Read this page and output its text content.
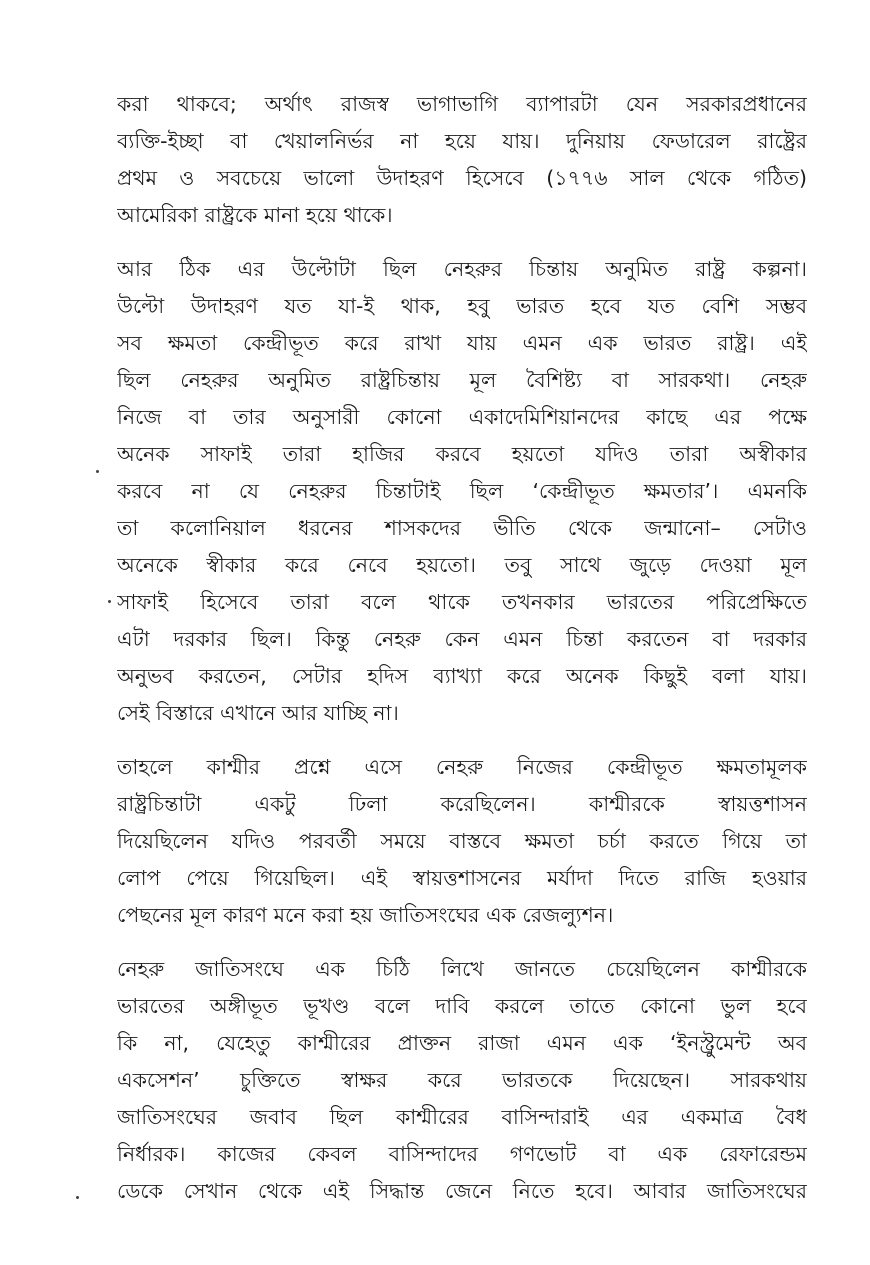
করা থাকবে; অর্থাৎ রাজস্ব ভাগাভাগি ব্যাপারটা যেন সরকারপ্রধানের
ব্যক্তি-ইচ্ছা বা খেয়ালনির্ভর না হয়ে যায়। দুনিয়ায় ফেডারেল রাষ্ট্রের
প্রথম ও সবচেয়ে ভালো উদাহরণ হিসেবে (১৭৭৬ সাল থেকে গঠিত)
আমেরিকা রাষ্ট্রকে মানা হয়ে থাকে।

আর ঠিক এর উল্টোটা ছিল নেহরুর চিন্তায় অনুমিত রাষ্ট্র কল্পনা।
উল্টো উদাহরণ যত যা-ই থাক, হবু ভারত হবে যত বেশি সম্ভব
সব ক্ষমতা কেন্দ্রীভূত করে রাখা যায় এমন এক ভারত রাষ্ট্র। এই
ছিল নেহরুর অনুমিত রাষ্ট্রচিন্তায় মূল বৈশিষ্ট্য বা সারকথা। নেহরু
নিজে বা তার অনুসারী কোনো একাদেমিশিয়ানদের কাছে এর পক্ষে
অনেক সাফাই তারা হাজির করবে হয়তো যদিও তারা অস্বীকার
করবে না যে নেহরুর চিন্তাটাই ছিল ‘কেন্দ্রীভূত ক্ষমতার’। এমনকি
তা কলোনিয়াল ধরনের শাসকদের ভীতি থেকে জন্মানো– সেটাও
অনেকে স্বীকার করে নেবে হয়তো। তবু সাথে জুড়ে দেওয়া মূল
সাফাই হিসেবে তারা বলে থাকে তখনকার ভারতের পরিপ্রেক্ষিতে
এটা দরকার ছিল। কিন্তু নেহরু কেন এমন চিন্তা করতেন বা দরকার
অনুভব করতেন, সেটার হদিস ব্যাখ্যা করে অনেক কিছুই বলা যায়।
সেই বিস্তারে এখানে আর যাচ্ছি না।

তাহলে কাশ্মীর প্রশ্নে এসে নেহরু নিজের কেন্দ্রীভূত ক্ষমতামূলক
রাষ্ট্রচিন্তাটা একটু ঢিলা করেছিলেন। কাশ্মীরকে স্বায়ত্তশাসন
দিয়েছিলেন যদিও পরবর্তী সময়ে বাস্তবে ক্ষমতা চর্চা করতে গিয়ে তা
লোপ পেয়ে গিয়েছিল। এই স্বায়ত্তশাসনের মর্যাদা দিতে রাজি হওয়ার
পেছনের মূল কারণ মনে করা হয় জাতিসংঘের এক রেজল্যুশন।

নেহরু জাতিসংঘে এক চিঠি লিখে জানতে চেয়েছিলেন কাশ্মীরকে
ভারতের অঙ্গীভূত ভূখণ্ড বলে দাবি করলে তাতে কোনো ভুল হবে
কি না, যেহেতু কাশ্মীরের প্রাক্তন রাজা এমন এক ‘ইনস্ট্রুমেন্ট অব
একসেশন’ চুক্তিতে স্বাক্ষর করে ভারতকে দিয়েছেন। সারকথায়
জাতিসংঘের জবাব ছিল কাশ্মীরের বাসিন্দারাই এর একমাত্র বৈধ
নির্ধারক। কাজের কেবল বাসিন্দাদের গণভোট বা এক রেফারেন্ডম
ডেকে সেখান থেকে এই সিদ্ধান্ত জেনে নিতে হবে। আবার জাতিসংঘের
